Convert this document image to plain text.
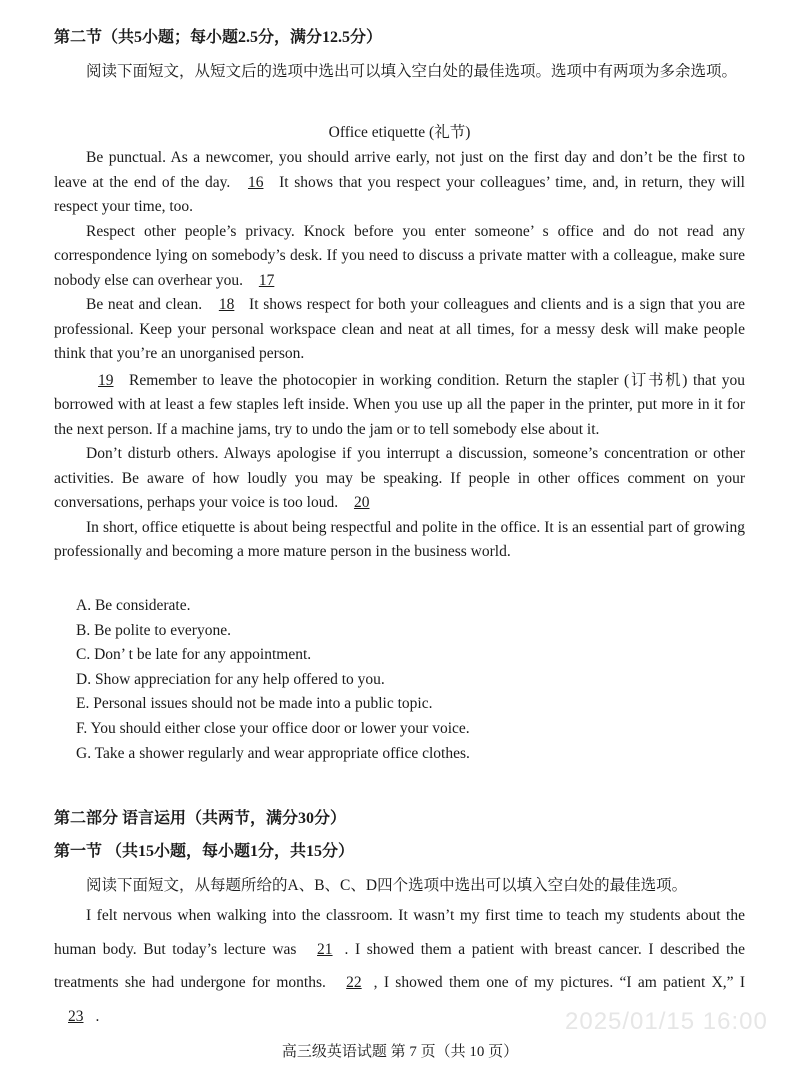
第二节（共5小题；每小题2.5分，满分12.5分）

阅读下面短文，从短文后的选项中选出可以填入空白处的最佳选项。选项中有两项为多余选项。

Office etiquette (礼节)

Be punctual. As a newcomer, you should arrive early, not just on the first day and don’t be the first to leave at the end of the day. 16 It shows that you respect your colleagues’ time, and, in return, they will respect your time, too.

Respect other people’s privacy. Knock before you enter someone’ s office and do not read any correspondence lying on somebody’s desk. If you need to discuss a private matter with a colleague, make sure nobody else can overhear you. 17

Be neat and clean. 18 It shows respect for both your colleagues and clients and is a sign that you are professional. Keep your personal workspace clean and neat at all times, for a messy desk will make people think that you’re an unorganised person.

19 Remember to leave the photocopier in working condition. Return the stapler (订书机) that you borrowed with at least a few staples left inside. When you use up all the paper in the printer, put more in it for the next person. If a machine jams, try to undo the jam or to tell somebody else about it.

Don’t disturb others. Always apologise if you interrupt a discussion, someone’s concentration or other activities. Be aware of how loudly you may be speaking. If people in other offices comment on your conversations, perhaps your voice is too loud. 20

In short, office etiquette is about being respectful and polite in the office. It is an essential part of growing professionally and becoming a more mature person in the business world.

A. Be considerate.
B. Be polite to everyone.
C. Don’ t be late for any appointment.
D. Show appreciation for any help offered to you.
E. Personal issues should not be made into a public topic.
F. You should either close your office door or lower your voice.
G. Take a shower regularly and wear appropriate office clothes.
第二部分 语言运用（共两节，满分30分）
第一节 （共15小题，每小题1分，共15分）

阅读下面短文，从每题所给的A、B、C、D四个选项中选出可以填入空白处的最佳选项。

I felt nervous when walking into the classroom. It wasn’t my first time to teach my students about the human body. But today’s lecture was 21 . I showed them a patient with breast cancer. I described the treatments she had undergone for months. 22 , I showed them one of my pictures. “I am patient X,” I 23 .	2025/01/15 16:00
高三级英语试题 第 7 页（共 10 页）
